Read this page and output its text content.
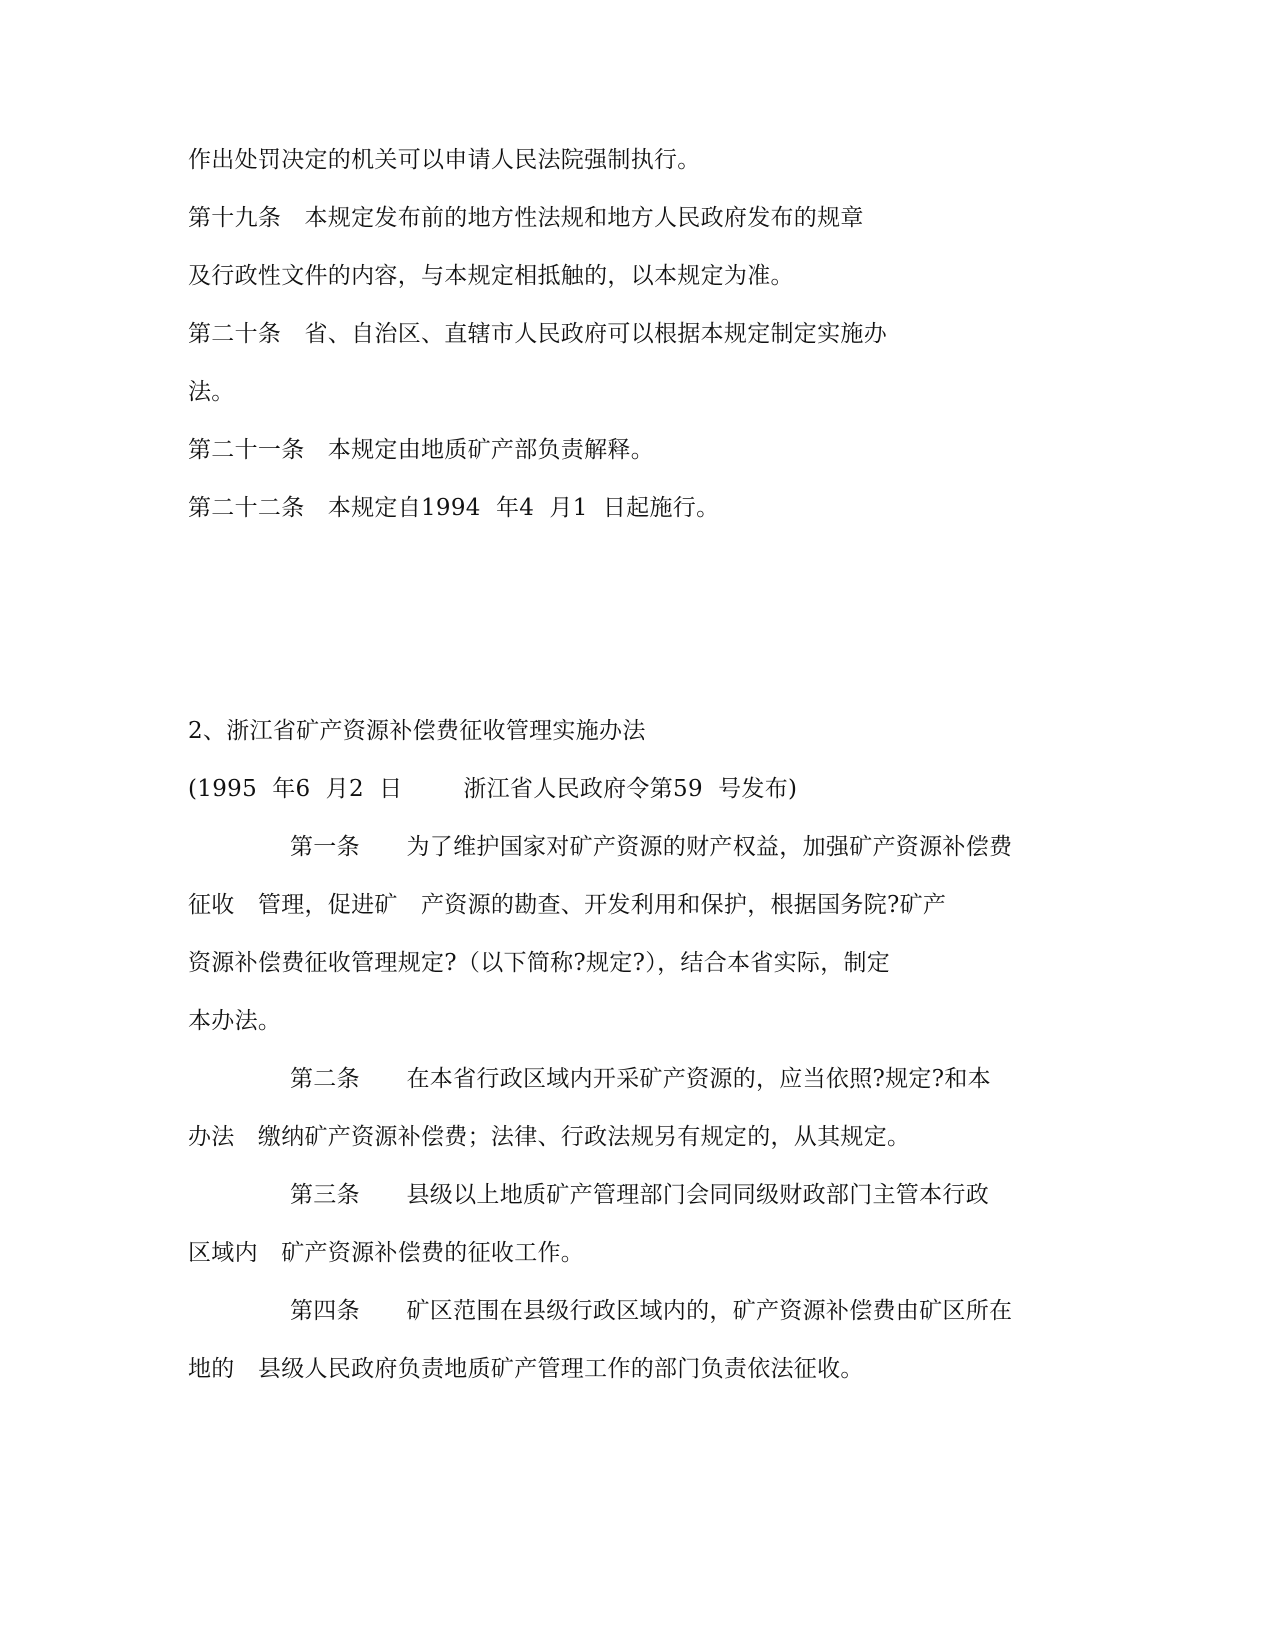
作出处罚决定的机关可以申请人民法院强制执行。
第十九条　本规定发布前的地方性法规和地方人民政府发布的规章
及行政性文件的内容，与本规定相抵触的，以本规定为准。
第二十条　省、自治区、直辖市人民政府可以根据本规定制定实施办
法。
第二十一条　本规定由地质矿产部负责解释。
第二十二条　本规定自1994  年4  月1  日起施行。
2、浙江省矿产资源补偿费征收管理实施办法
(1995  年6  月2  日        浙江省人民政府令第59  号发布)
第一条　　为了维护国家对矿产资源的财产权益，加强矿产资源补偿费
征收　管理，促进矿　产资源的勘查、开发利用和保护，根据国务院?矿产
资源补偿费征收管理规定?（以下简称?规定?），结合本省实际，制定
本办法。
第二条　　在本省行政区域内开采矿产资源的，应当依照?规定?和本
办法　缴纳矿产资源补偿费；法律、行政法规另有规定的，从其规定。
第三条　　县级以上地质矿产管理部门会同同级财政部门主管本行政
区域内　矿产资源补偿费的征收工作。
第四条　　矿区范围在县级行政区域内的，矿产资源补偿费由矿区所在
地的　县级人民政府负责地质矿产管理工作的部门负责依法征收。
